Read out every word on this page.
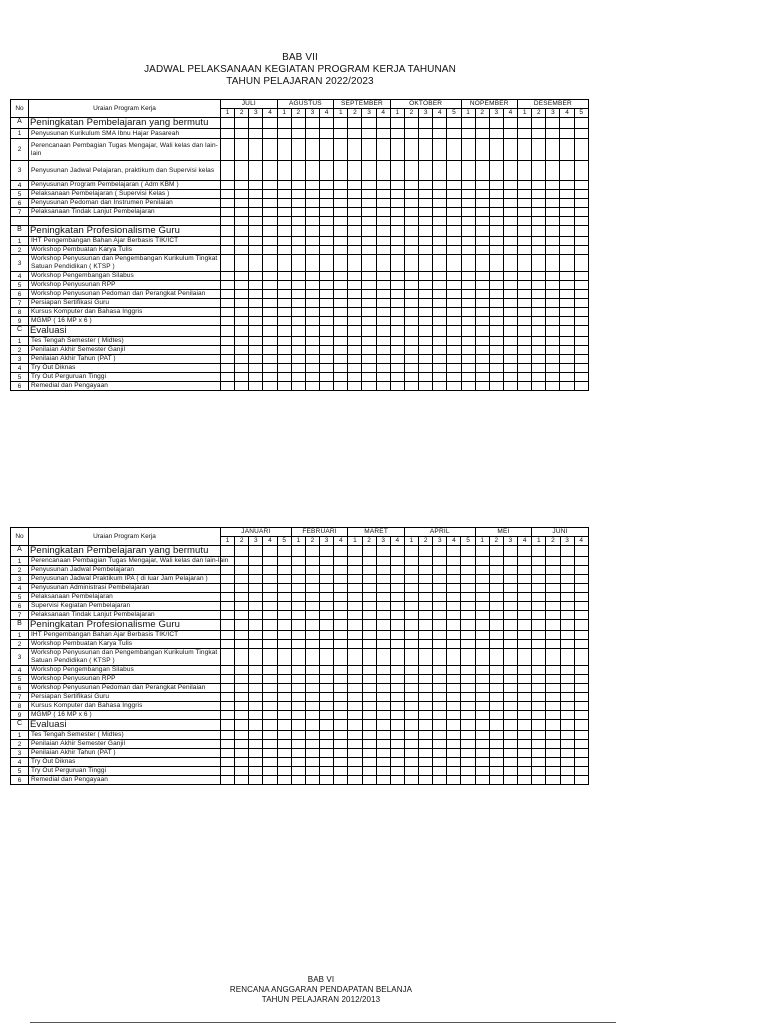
BAB VII
JADWAL PELAKSANAAN KEGIATAN PROGRAM KERJA TAHUNAN
TAHUN PELAJARAN 2022/2023
No	Uraian Program Kerja	JULI				AGUSTUS				SEPTEMBER				OKTOBER					NOPEMBER				DESEMBER				
		1	2	3	4	1	2	3	4	1	2	3	4	1	2	3	4	5	1	2	3	4	1	2	3	4	5
A	Peningkatan Pembelajaran yang bermutu																										
1	Penyusunan Kurikulum SMA Ibnu Hajar Pasareah																										

2	Perencanaan Pembagian Tugas Mengajar, Wali kelas dan lain-lain																										

3	Penyusunan Jadwal Pelajaran, praktikum dan Supervisi kelas																										

4	Penyusunan Program Pembelajaran ( Adm KBM )																										

5	Pelaksanaan Pembelajaran ( Supervisi Kelas )																										

6	Penyusunan Pedoman dan Instrumen Penilaian																										

7	Pelaksanaan Tindak Lanjut Pembelajaran																										

B	Peningkatan Profesionalisme Guru																										
1	IHT Pengembangan Bahan Ajar Berbasis TIK/ICT																										

2	Workshop Pembuatan Karya Tulis																										

3	Workshop Penyusunan dan Pengembangan Kurikulum Tingkat Satuan Pendidikan ( KTSP )																										

4	Workshop Pengembangan Silabus																										

5	Workshop Penyusunan RPP																										

6	Workshop Penyusunan Pedoman dan Perangkat Penilaian																										

7	Persiapan Sertifikasi Guru																										

8	Kursus Komputer dan Bahasa Inggris																										

9	MGMP ( 16 MP x 6 )																										

C	Evaluasi																										
1	Tes Tengah Semester ( Midtes)																										

2	Penilaian Akhir Semester Ganjil																										

3	Penilaian Akhir Tahun (PAT )																										

4	Try Out Diknas																										

5	Try Out Perguruan Tinggi																										

6	Remedial dan Pengayaan																										

No	Uraian Program Kerja	JANUARI					FEBRUARI				MARET				APRIL					MEI				JUNI			
		1	2	3	4	5	1	2	3	4	1	2	3	4	1	2	3	4	5	1	2	3	4	1	2	3	4
A	Peningkatan Pembelajaran yang bermutu																										
1	Perencanaan Pembagian Tugas Mengajar, Wali kelas dan lain-lain																										

2	Penyusunan Jadwal Pembelajaran																										

3	Penyusunan Jadwal Praktikum IPA ( di luar Jam Pelajaran )																										

4	Penyusunan Administrasi Pembelajaran																										

5	Pelaksanaan Pembelajaran																										

6	Supervisi Kegiatan Pembelajaran																										

7	Pelaksanaan Tindak Lanjut Pembelajaran																										

B	Peningkatan Profesionalisme Guru																										
1	IHT Pengembangan Bahan Ajar Berbasis TIK/ICT																										

2	Workshop Pembuatan Karya Tulis																										

3	Workshop Penyusunan dan Pengembangan Kurikulum Tingkat Satuan Pendidikan ( KTSP )																										

4	Workshop Pengembangan Silabus																										

5	Workshop Penyusunan RPP																										

6	Workshop Penyusunan Pedoman dan Perangkat Penilaian																										

7	Persiapan Sertifikasi Guru																										

8	Kursus Komputer dan Bahasa Inggris																										

9	MGMP ( 16 MP x 6 )																										

C	Evaluasi																										
1	Tes Tengah Semester ( Midtes)																										

2	Penilaian Akhir Semester Ganjil																										

3	Penilaian Akhir Tahun (PAT )																										

4	Try Out Diknas																										

5	Try Out Perguruan Tinggi																										

6	Remedial dan Pengayaan																										

BAB VI
RENCANA ANGGARAN PENDAPATAN BELANJA
TAHUN PELAJARAN 2012/2013
